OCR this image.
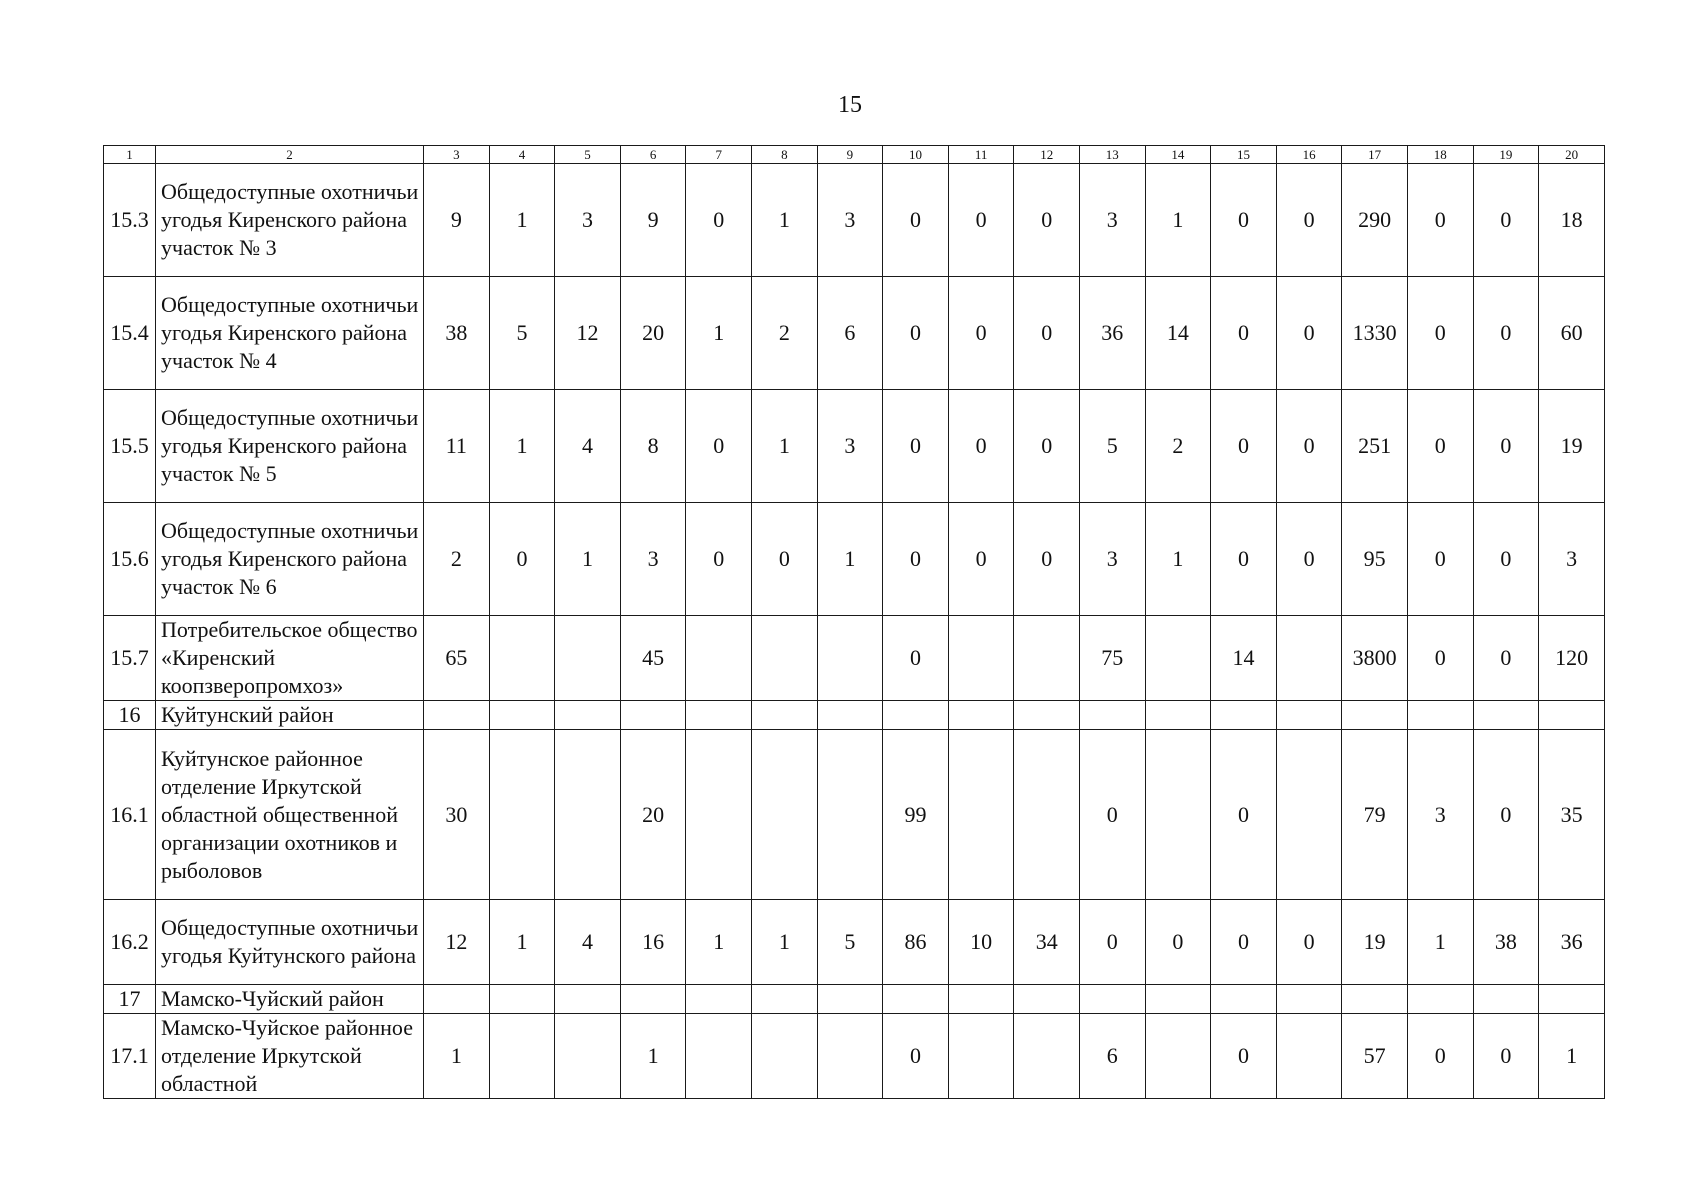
15
1	2	3	4	5	6	7	8	9	10	11	12	13	14	15	16	17	18	19	20
15.3	Общедоступные охотничьи угодья Киренского района участок № 3	9	1	3	9	0	1	3	0	0	0	3	1	0	0	290	0	0	18
15.4	Общедоступные охотничьи угодья Киренского района участок № 4	38	5	12	20	1	2	6	0	0	0	36	14	0	0	1330	0	0	60
15.5	Общедоступные охотничьи угодья Киренского района участок № 5	11	1	4	8	0	1	3	0	0	0	5	2	0	0	251	0	0	19
15.6	Общедоступные охотничьи угодья Киренского района участок № 6	2	0	1	3	0	0	1	0	0	0	3	1	0	0	95	0	0	3
15.7	Потребительское общество «Киренский коопзверопромхоз»	65			45				0			75		14		3800	0	0	120
16	Куйтунский район																		
16.1	Куйтунское районное отделение Иркутской областной общественной организации охотников и рыболовов	30			20				99			0		0		79	3	0	35
16.2	Общедоступные охотничьи угодья Куйтунского района	12	1	4	16	1	1	5	86	10	34	0	0	0	0	19	1	38	36
17	Мамско-Чуйский район																		
17.1	Мамско-Чуйское районное отделение Иркутской областной	1			1				0			6		0		57	0	0	1
